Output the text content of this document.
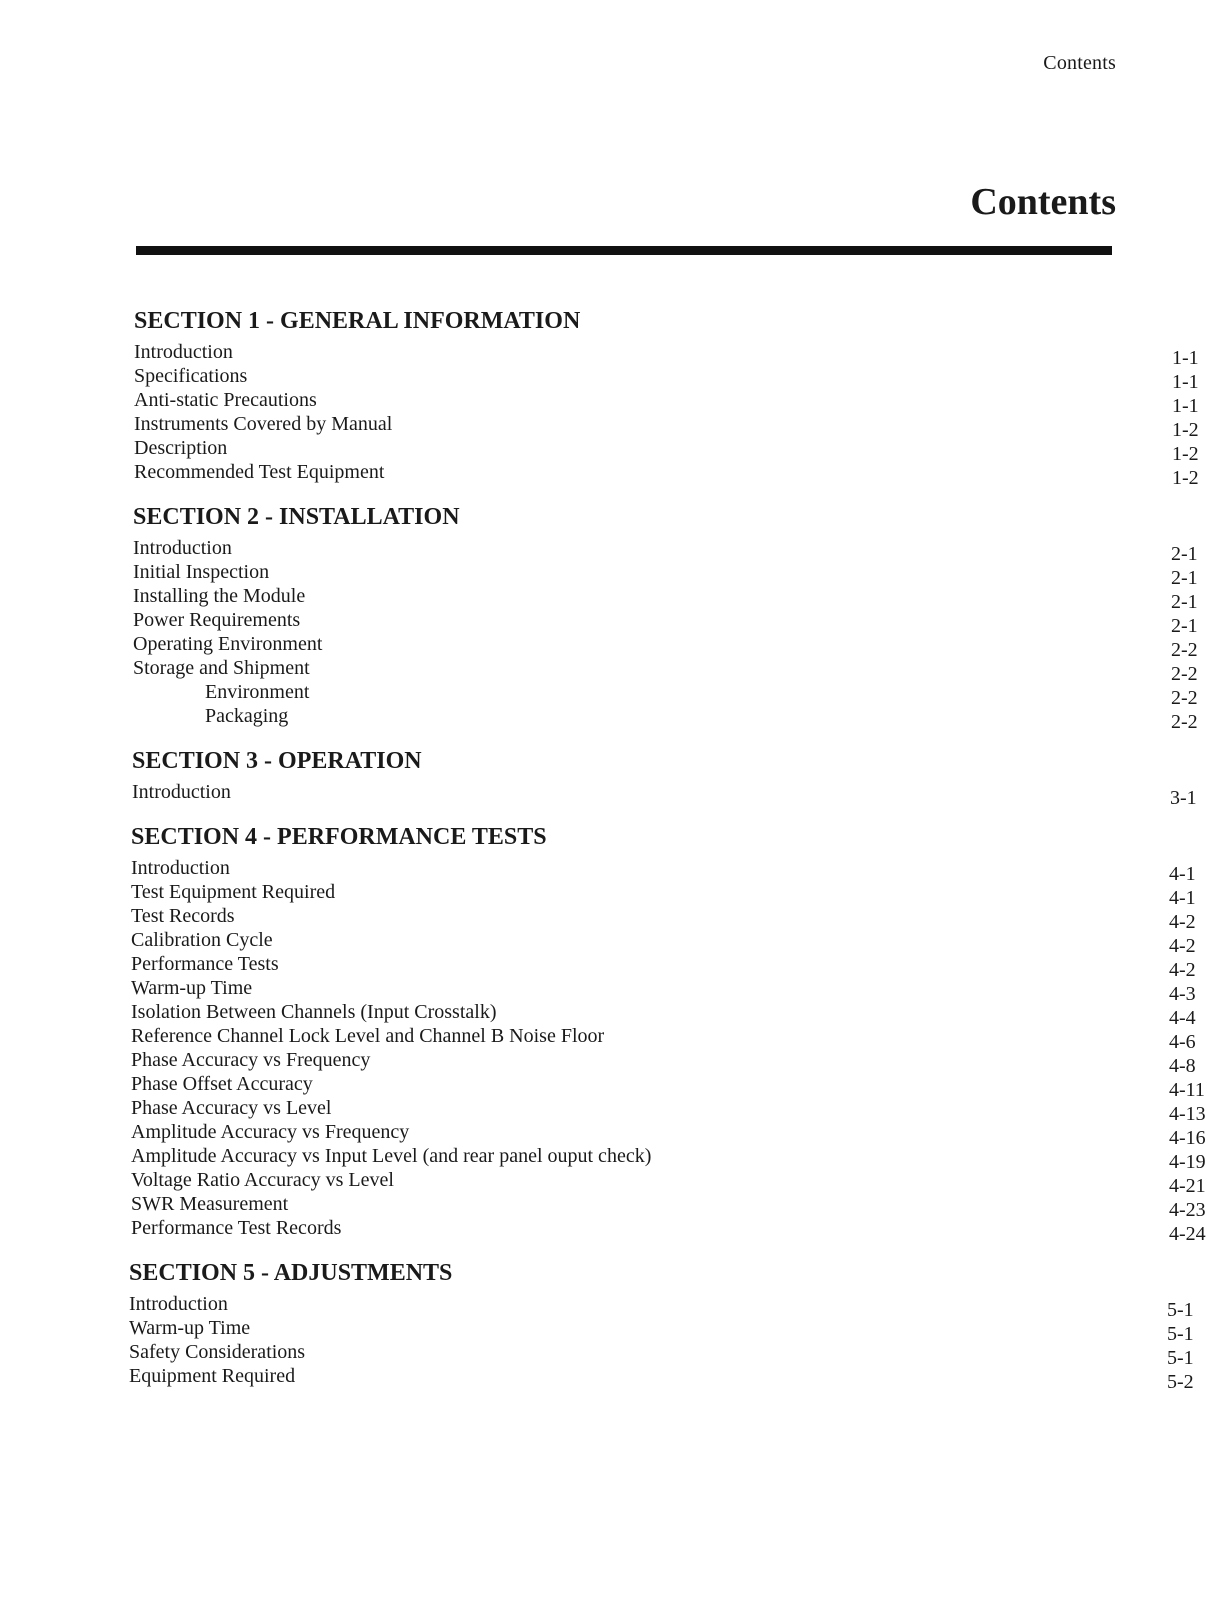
Contents
Contents
SECTION 1 - GENERAL INFORMATION
Introduction	1-1
Specifications	1-1
Anti-static Precautions	1-1
Instruments Covered by Manual	1-2
Description	1-2
Recommended Test Equipment	1-2
SECTION 2 - INSTALLATION
Introduction	2-1
Initial Inspection	2-1
Installing the Module	2-1
Power Requirements	2-1
Operating Environment	2-2
Storage and Shipment	2-2
Environment	2-2
Packaging	2-2
SECTION 3 - OPERATION
Introduction	3-1
SECTION 4 - PERFORMANCE TESTS
Introduction	4-1
Test Equipment Required	4-1
Test Records	4-2
Calibration Cycle	4-2
Performance Tests	4-2
Warm-up Time	4-3
Isolation Between Channels (Input Crosstalk)	4-4
Reference Channel Lock Level and Channel B Noise Floor	4-6
Phase Accuracy vs Frequency	4-8
Phase Offset Accuracy	4-11
Phase Accuracy vs Level	4-13
Amplitude Accuracy vs Frequency	4-16
Amplitude Accuracy vs Input Level (and rear panel ouput check)	4-19
Voltage Ratio Accuracy vs Level	4-21
SWR Measurement	4-23
Performance Test Records	4-24
SECTION 5 - ADJUSTMENTS
Introduction	5-1
Warm-up Time	5-1
Safety Considerations	5-1
Equipment Required	5-2
